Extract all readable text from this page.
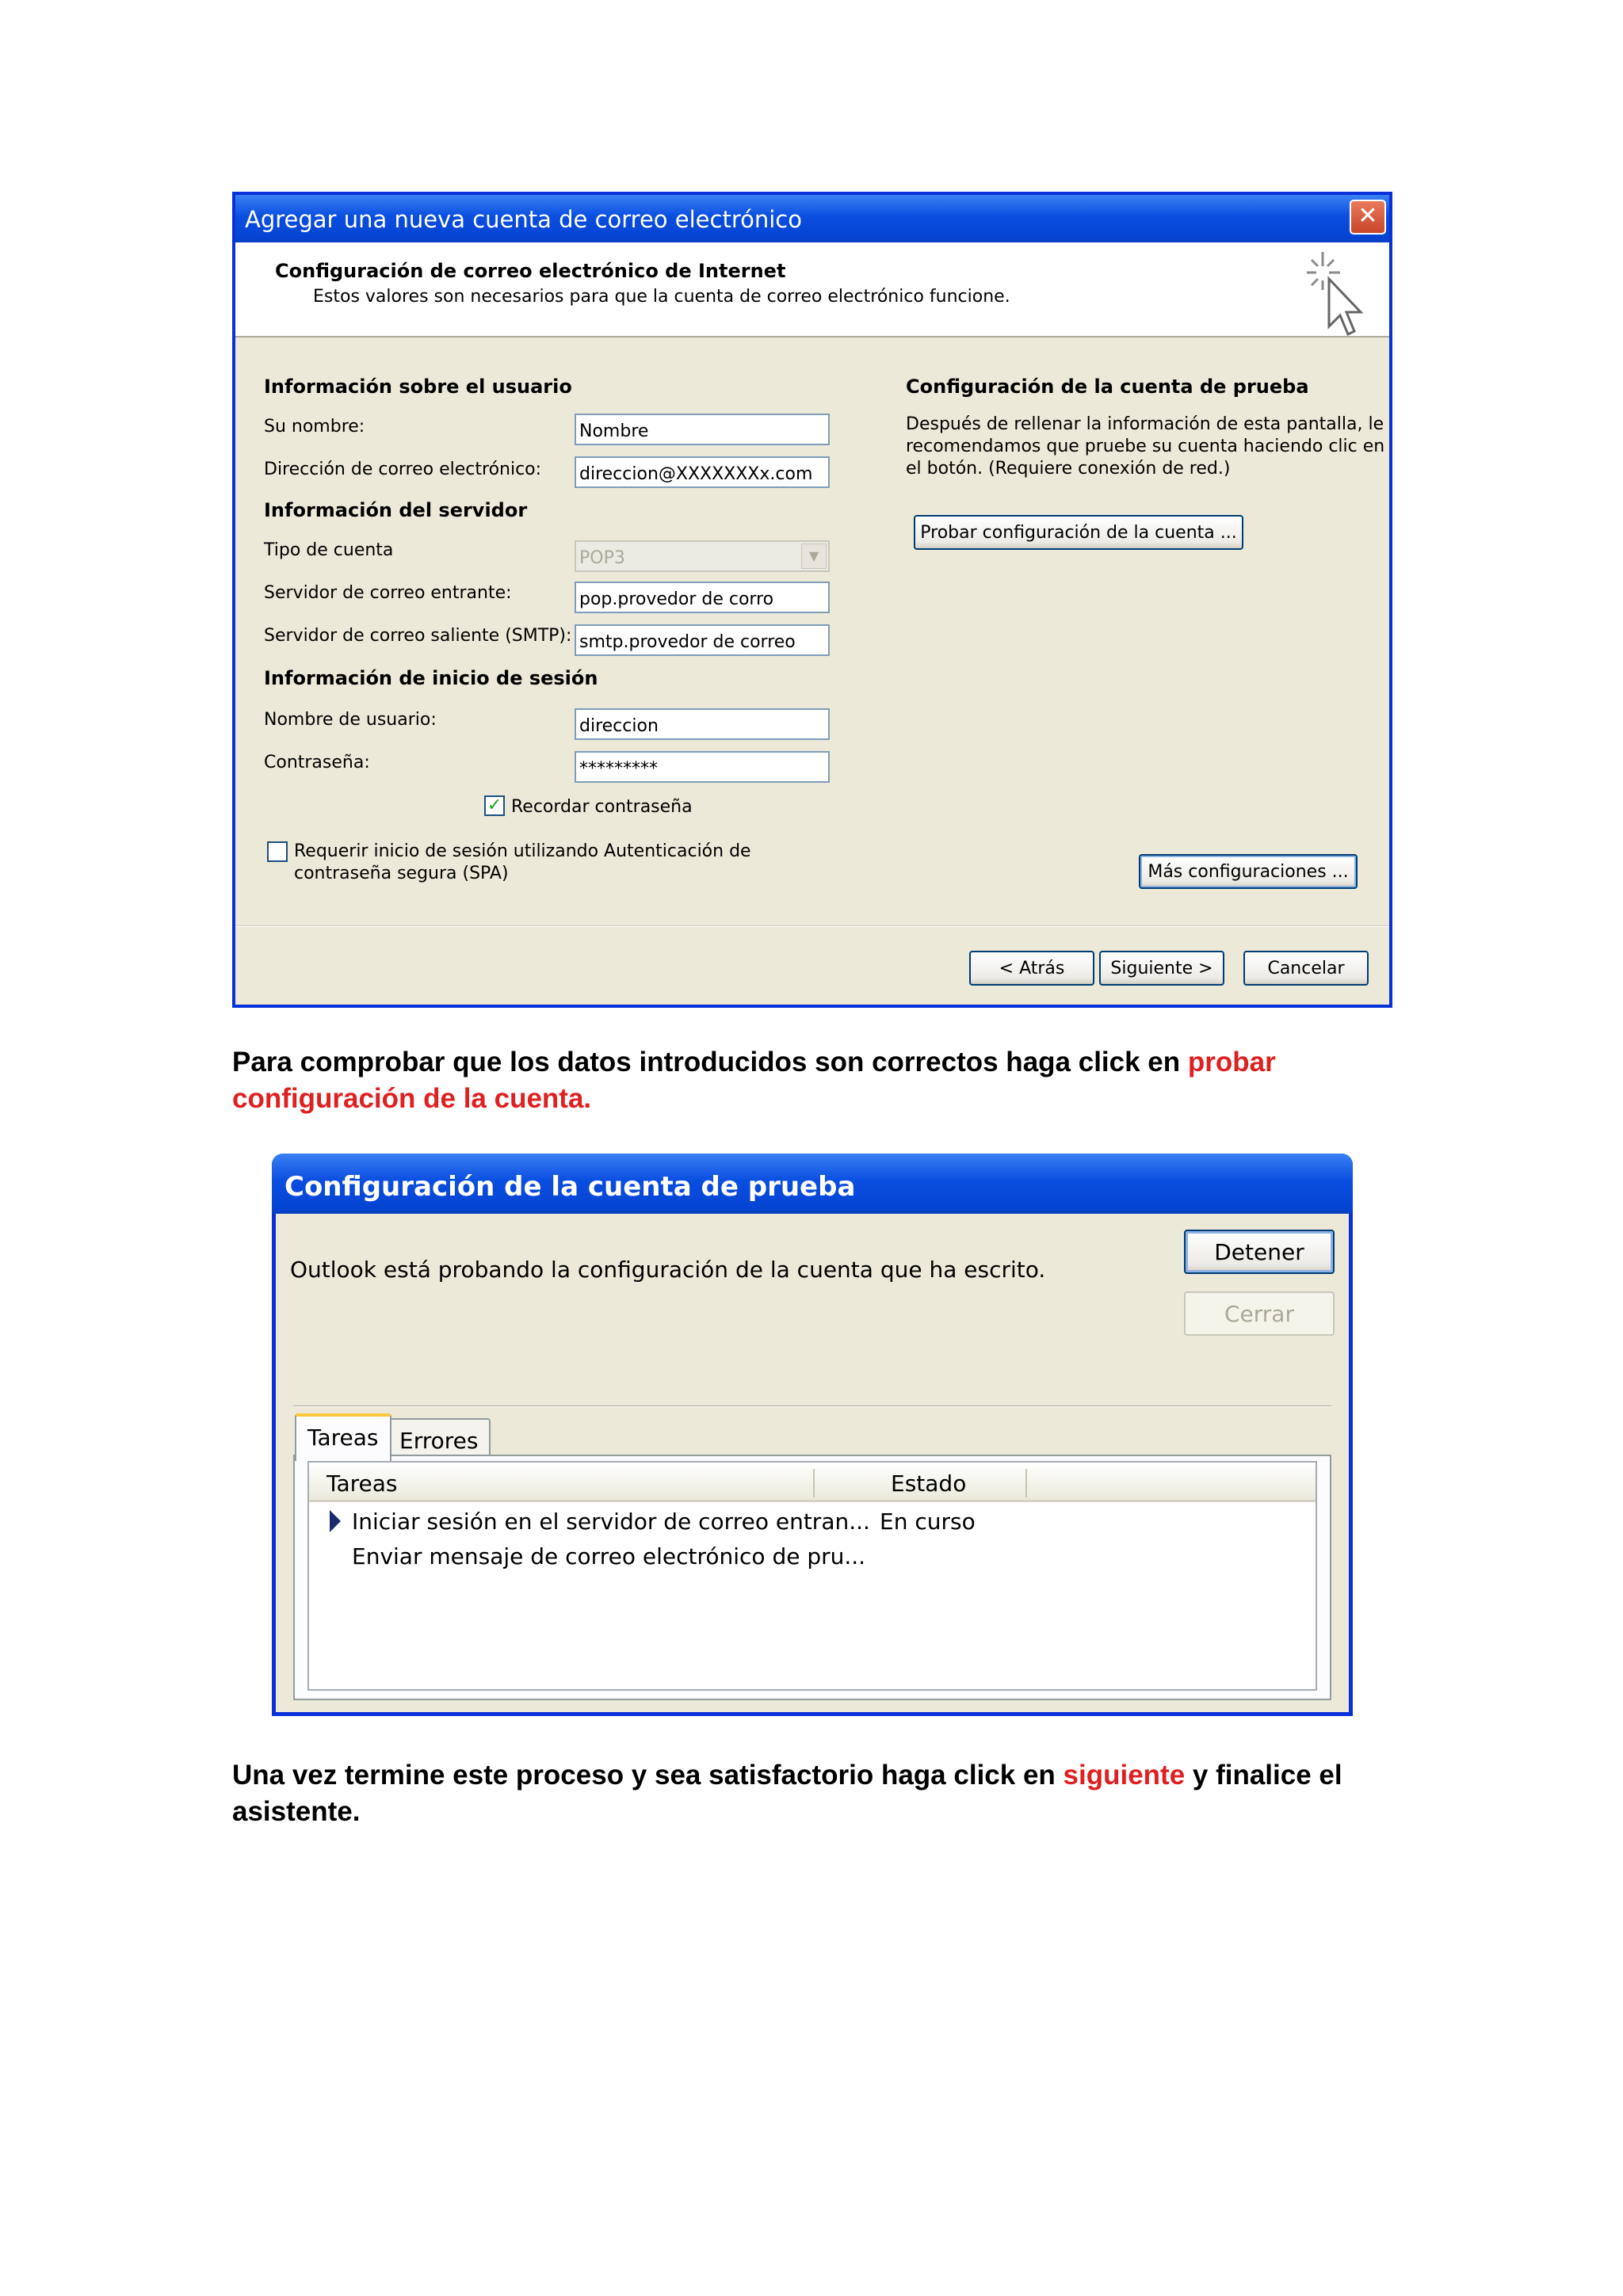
Agregar una nueva cuenta de correo electrónico	✕
Configuración de correo electrónico de Internet
Estos valores son necesarios para que la cuenta de correo electrónico funcione.
Información sobre el usuario
Su nombre:	Nombre
Dirección de correo electrónico: direccion@XXXXXXXx.com
Información del servidor
Tipo de cuenta	POP3	▼
Servidor de correo entrante:	pop.provedor de corro
Servidor de correo saliente (SMTP): smtp.provedor de correo
Información de inicio de sesión
Nombre de usuario:	direccion
Contraseña:	*********
✓ Recordar contraseña
Requerir inicio de sesión utilizando Autenticación de
contraseña segura (SPA)
Configuración de la cuenta de prueba
Después de rellenar la información de esta pantalla, le
recomendamos que pruebe su cuenta haciendo clic en
el botón. (Requiere conexión de red.)
Probar configuración de la cuenta ...
Más configuraciones ...
< Atrás	Siguiente >	Cancelar
Para comprobar que los datos introducidos son correctos haga click en probar configuración de la cuenta.
Configuración de la cuenta de prueba
Outlook está probando la configuración de la cuenta que ha escrito.
Detener
Cerrar
Tareas Errores
Tareas	Estado
Iniciar sesión en el servidor de correo entran... En curso
Enviar mensaje de correo electrónico de pru...
Una vez termine este proceso y sea satisfactorio haga click en siguiente y finalice el asistente.
